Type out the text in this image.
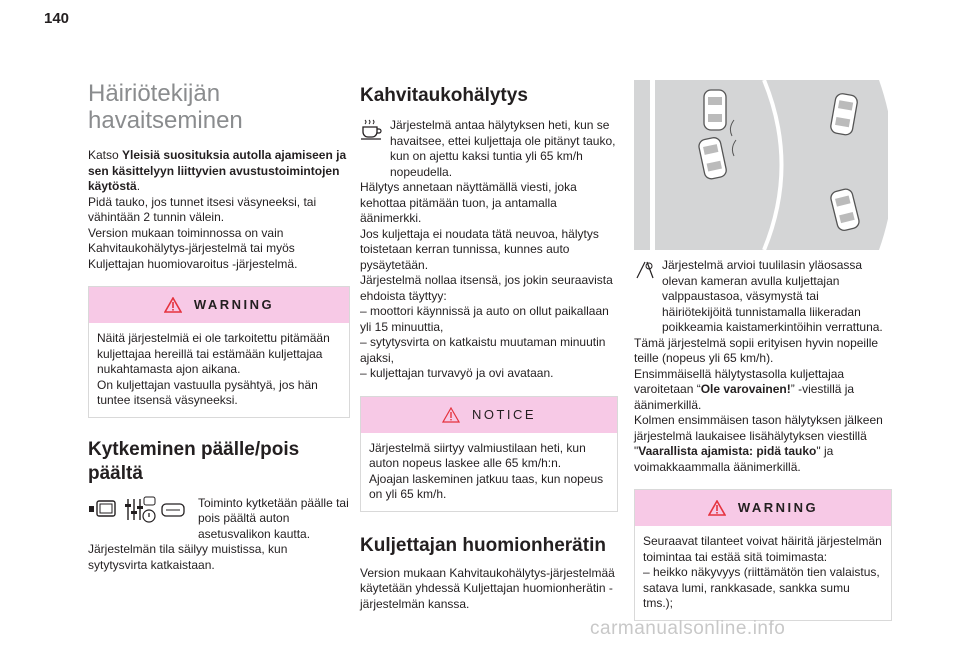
140
Häiriötekijän havaitseminen

Katso Yleisiä suosituksia autolla ajamiseen ja sen käsittelyyn liittyvien avustustoimintojen käytöstä.

Pidä tauko, jos tunnet itsesi väsyneeksi, tai vähintään 2 tunnin välein.

Version mukaan toiminnossa on vain Kahvitaukohälytys-järjestelmä tai myös Kuljettajan huomiovaroitus -järjestelmä.

WARNING

Näitä järjestelmiä ei ole tarkoitettu pitämään kuljettajaa hereillä tai estämään kuljettajaa nukahtamasta ajon aikana.

On kuljettajan vastuulla pysähtyä, jos hän tuntee itsensä väsyneeksi.

Kytkeminen päälle/pois päältä

Toiminto kytketään päälle tai pois päältä auton asetusvalikon kautta.

Järjestelmän tila säilyy muistissa, kun sytytysvirta katkaistaan.

Kahvitaukohälytys

Järjestelmä antaa hälytyksen heti, kun se havaitsee, ettei kuljettaja ole pitänyt tauko, kun on ajettu kaksi tuntia yli 65 km/h nopeudella.

Hälytys annetaan näyttämällä viesti, joka kehottaa pitämään tuon, ja antamalla äänimerkki.

Jos kuljettaja ei noudata tätä neuvoa, hälytys toistetaan kerran tunnissa, kunnes auto pysäytetään.

Järjestelmä nollaa itsensä, jos jokin seuraavista ehdoista täyttyy:

– moottori käynnissä ja auto on ollut paikallaan yli 15 minuuttia,

– sytytysvirta on katkaistu muutaman minuutin ajaksi,

– kuljettajan turvavyö ja ovi avataan.

NOTICE

Järjestelmä siirtyy valmiustilaan heti, kun auton nopeus laskee alle 65 km/h:n.

Ajoajan laskeminen jatkuu taas, kun nopeus on yli 65 km/h.

Kuljettajan huomionherätin

Version mukaan Kahvitaukohälytys-järjestelmää käytetään yhdessä Kuljettajan huomionherätin -järjestelmän kanssa.

Järjestelmä arvioi tuulilasin yläosassa olevan kameran avulla kuljettajan valppaustasoa, väsymystä tai häiriötekijöitä tunnistamalla liikeradan poikkeamia kaistamerkintöihin verrattuna.

Tämä järjestelmä sopii erityisen hyvin nopeille teille (nopeus yli 65 km/h).

Ensimmäisellä hälytystasolla kuljettajaa varoitetaan “Ole varovainen!” -viestillä ja äänimerkillä.

Kolmen ensimmäisen tason hälytyksen jälkeen järjestelmä laukaisee lisähälytyksen viestillä "Vaarallista ajamista: pidä tauko" ja voimakkaammalla äänimerkillä.

WARNING

Seuraavat tilanteet voivat häiritä järjestelmän toimintaa tai estää sitä toimimasta:

– heikko näkyvyys (riittämätön tien valaistus, satava lumi, rankkasade, sankka sumu tms.);

carmanualsonline.info
